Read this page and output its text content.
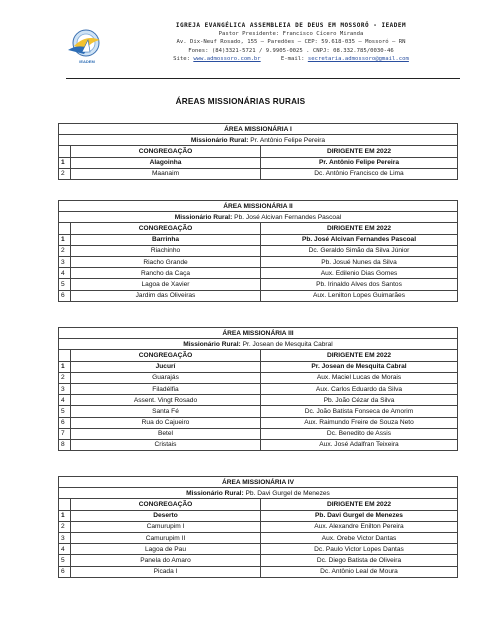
IEADEM
IGREJA EVANGÉLICA ASSEMBLEIA DE DEUS EM MOSSORÓ - IEADEM
Pastor Presidente: Francisco Cícero Miranda
Av. Dix-Neuf Rosado, 155 – Paredões – CEP: 59.618-035 – Mossoró – RN
Fones: (84)3321-5721 / 9.9905-0025 . CNPJ: 08.332.785/0030-46
Site: www.admossoro.com.br	E-mail: secretaria.admossoro@gmail.com
ÁREAS MISSIONÁRIAS RURAIS
ÁREA MISSIONÁRIA I		
Missionário Rural: Pr. Antônio Felipe Pereira		
	CONGREGAÇÃO	DIRIGENTE EM 2022
1	Alagoinha	Pr. Antônio Felipe Pereira
2	Maanaim	Dc. Antônio Francisco de Lima
ÁREA MISSIONÁRIA II		
Missionário Rural: Pb. José Alcivan Fernandes Pascoal		
	CONGREGAÇÃO	DIRIGENTE EM 2022
1	Barrinha	Pb. José Alcivan Fernandes Pascoal
2	Riachinho	Dc. Geraldo Simão da Silva Júnior
3	Riacho Grande	Pb. Josué Nunes da Silva
4	Rancho da Caça	Aux. Edilenio Dias Gomes
5	Lagoa de Xavier	Pb. Irinaldo Alves dos Santos
6	Jardim das Oliveiras	Aux. Lenilton Lopes Guimarães
ÁREA MISSIONÁRIA III		
Missionário Rural: Pr. Josean de Mesquita Cabral		
	CONGREGAÇÃO	DIRIGENTE EM 2022
1	Jucurí	Pr. Josean de Mesquita Cabral
2	Guarajás	Aux. Maciel Lucas de Morais
3	Filadélfia	Aux. Carlos Eduardo da Silva
4	Assent. Vingt Rosado	Pb. João Cézar da Silva
5	Santa Fé	Dc. João Batista Fonseca de Amorim
6	Rua do Cajueiro	Aux. Raimundo Freire de Souza Neto
7	Betel	Dc. Benedito de Assis
8	Cristais	Aux. José Adalfran Teixeira
ÁREA MISSIONÁRIA IV		
Missionário Rural: Pb. Davi Gurgel de Menezes		
	CONGREGAÇÃO	DIRIGENTE EM 2022
1	Deserto	Pb. Davi Gurgel de Menezes
2	Camurupim I	Aux. Alexandre Enilton Pereira
3	Camurupim II	Aux. Orebe Victor Dantas
4	Lagoa de Pau	Dc. Paulo Victor Lopes Dantas
5	Panela do Amaro	Dc. Diego Batista de Oliveira
6	Picada I	Dc. Antônio Leal de Moura
